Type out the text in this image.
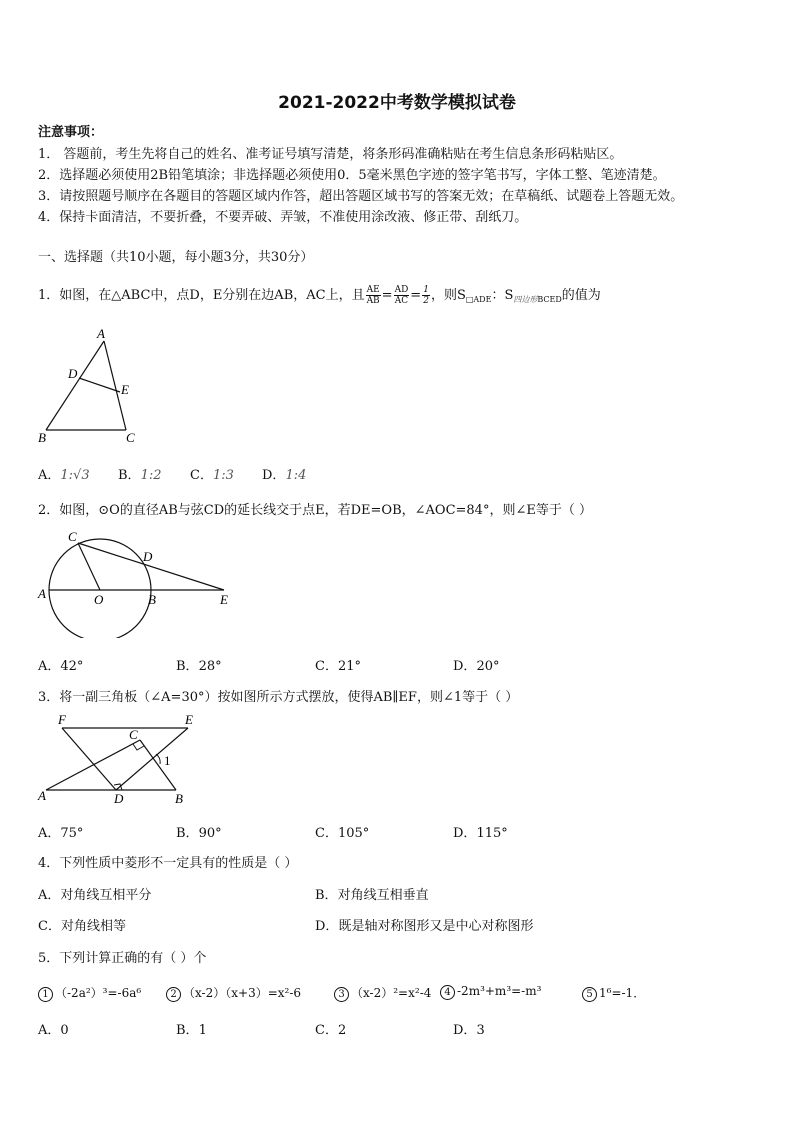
2021-2022中考数学模拟试卷
注意事项：
1． 答题前，考生先将自己的姓名、准考证号填写清楚，将条形码准确粘贴在考生信息条形码粘贴区。
2．选择题必须使用2B铅笔填涂；非选择题必须使用0．5毫米黑色字迹的签字笔书写，字体工整、笔迹清楚。
3．请按照题号顺序在各题目的答题区域内作答，超出答题区域书写的答案无效；在草稿纸、试题卷上答题无效。
4．保持卡面清洁，不要折叠，不要弄破、弄皱，不准使用涂改液、修正带、刮纸刀。
一、选择题（共10小题，每小题3分，共30分）
1．如图，在△ABC中，点D，E分别在边AB，AC上，且 $\frac{AE}{AB} = \frac{AD}{AC} = \frac{1}{2}$ ，则$S_{□ADE}$：$S_{四边形BCED}$的值为
A
D
E
B	C
A．1:√3 B．1:2 C．1:3 D．1:4
2．如图，⊙O的直径AB与弦CD的延长线交于点E，若DE=OB，∠AOC=84°，则∠E等于（ ）
C
D
A	O	B	E
A．42°	B．28°	C．21°	D．20°
3．将一副三角板（∠A=30°）按如图所示方式摆放，使得AB∥EF，则∠1等于（ ）
F	E
C
1
A	D	B
A．75°	B．90°	C．105°	D．115°
4．下列性质中菱形不一定具有的性质是（ ）
A．对角线互相平分	B．对角线互相垂直
C．对角线相等	D．既是轴对称图形又是中心对称图形
5．下列计算正确的有（ ）个
1 （-2a²）³=-6a⁶	2 （x-2）（x+3）=x²-6	3 （x-2）²=x²-4	4 -2m³+m³=-m³	5 1⁶=-1．
A．0	B．1	C．2	D．3
